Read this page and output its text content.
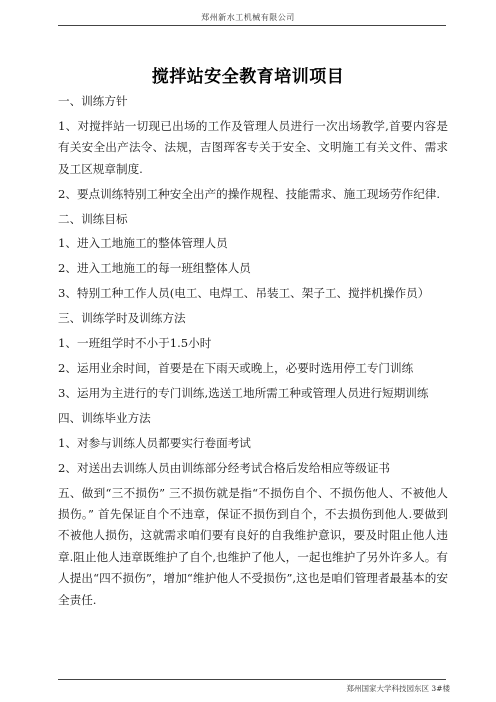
郑州新水工机械有限公司
搅拌站安全教育培训项目

一、训练方针

1、对搅拌站一切现已出场的工作及管理人员进行一次出场教学,首要内容是有关安全出产法令、法规，吉图珲客专关于安全、文明施工有关文件、需求及工区规章制度.

2、要点训练特别工种安全出产的操作规程、技能需求、施工现场劳作纪律.

二、训练目标

1、进入工地施工的整体管理人员

2、进入工地施工的每一班组整体人员

3、特别工种工作人员(电工、电焊工、吊装工、架子工、搅拌机操作员）

三、训练学时及训练方法

1、一班组学时不小于1.5小时

2、运用业余时间，首要是在下雨天或晚上，必要时选用停工专门训练

3、运用为主进行的专门训练,选送工地所需工种或管理人员进行短期训练

四、训练毕业方法

1、对参与训练人员都要实行卷面考试

2、对送出去训练人员由训练部分经考试合格后发给相应等级证书

五、做到“三不损伤” 三不损伤就是指“不损伤自个、不损伤他人、不被他人损伤。” 首先保证自个不违章，保证不损伤到自个，不去损伤到他人.要做到不被他人损伤，这就需求咱们要有良好的自我维护意识，要及时阻止他人违章.阻止他人违章既维护了自个,也维护了他人，一起也维护了另外许多人。有人提出“四不损伤”，增加“维护他人不受损伤”,这也是咱们管理者最基本的安全责任.

郑州国家大学科技园东区 3#楼
